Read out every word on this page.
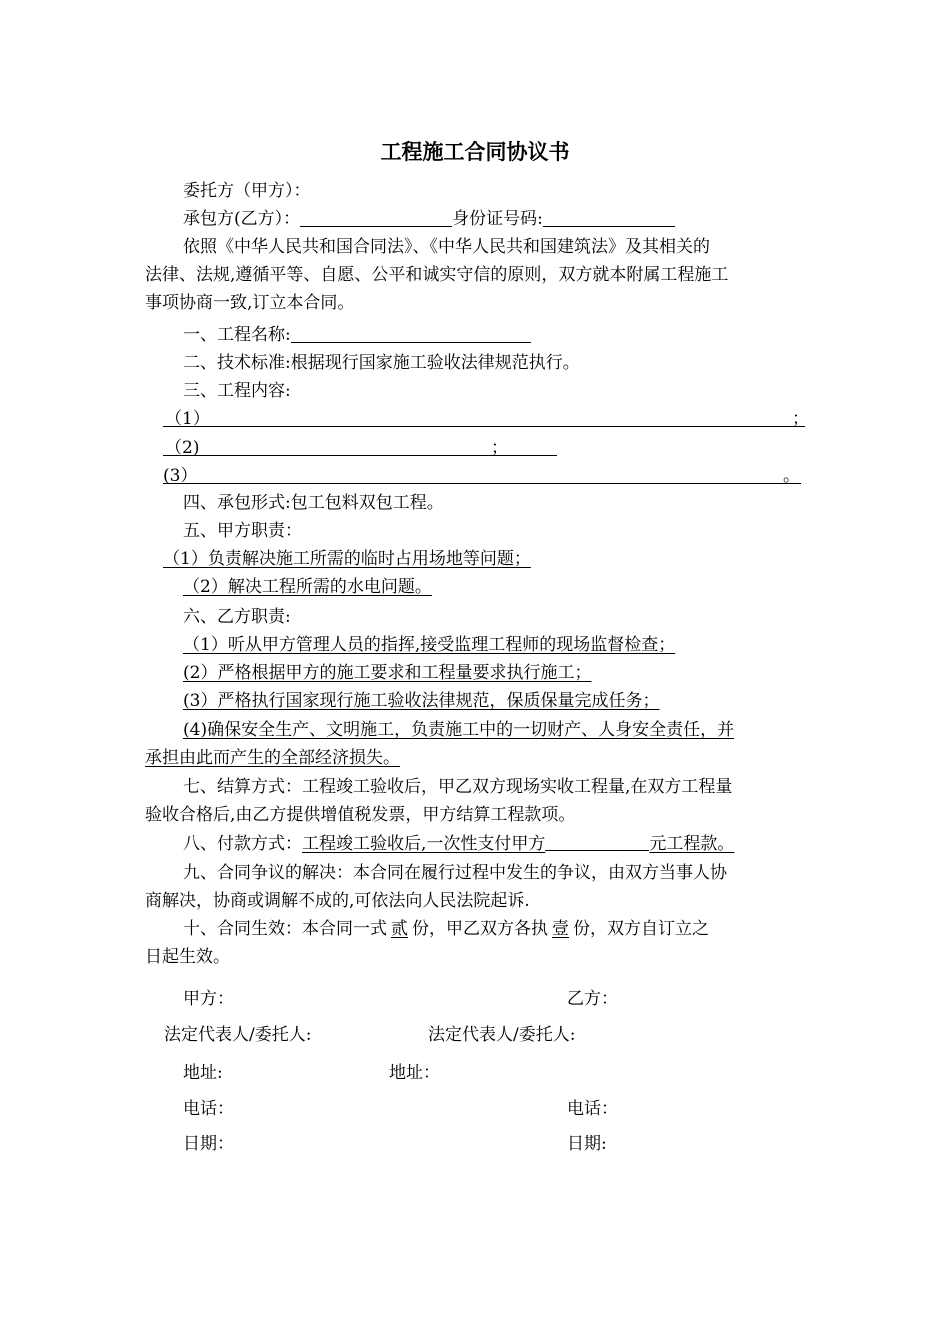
工程施工合同协议书
委托方（甲方）：
承包方(乙方）：	身份证号码:
依照《中华人民共和国合同法》、《中华人民共和国建筑法》及其相关的
法律、法规,遵循平等、自愿、公平和诚实守信的原则，双方就本附属工程施工
事项协商一致,订立本合同。
一、工程名称:
二、技术标准:根据现行国家施工验收法律规范执行。
三、工程内容:
（1）	；
（2)	；
(3）	。
四、承包形式:包工包料双包工程。
五、甲方职责：
（1）负责解决施工所需的临时占用场地等问题；
（2）解决工程所需的水电问题。
六、乙方职责:
（1）听从甲方管理人员的指挥,接受监理工程师的现场监督检查；
(2）严格根据甲方的施工要求和工程量要求执行施工；
(3）严格执行国家现行施工验收法律规范，保质保量完成任务；
(4)确保安全生产、文明施工，负责施工中的一切财产、人身安全责任，并
承担由此而产生的全部经济损失。
七、结算方式：工程竣工验收后，甲乙双方现场实收工程量,在双方工程量
验收合格后,由乙方提供增值税发票，甲方结算工程款项。
八、付款方式：工程竣工验收后,一次性支付甲方	元工程款。
九、合同争议的解决：本合同在履行过程中发生的争议，由双方当事人协
商解决，协商或调解不成的,可依法向人民法院起诉.
十、合同生效：本合同一式 贰 份，甲乙双方各执 壹 份，双方自订立之
日起生效。
甲方：	乙方：
法定代表人/委托人:	法定代表人/委托人:
地址:	地址：
电话：	电话：
日期：	日期:
